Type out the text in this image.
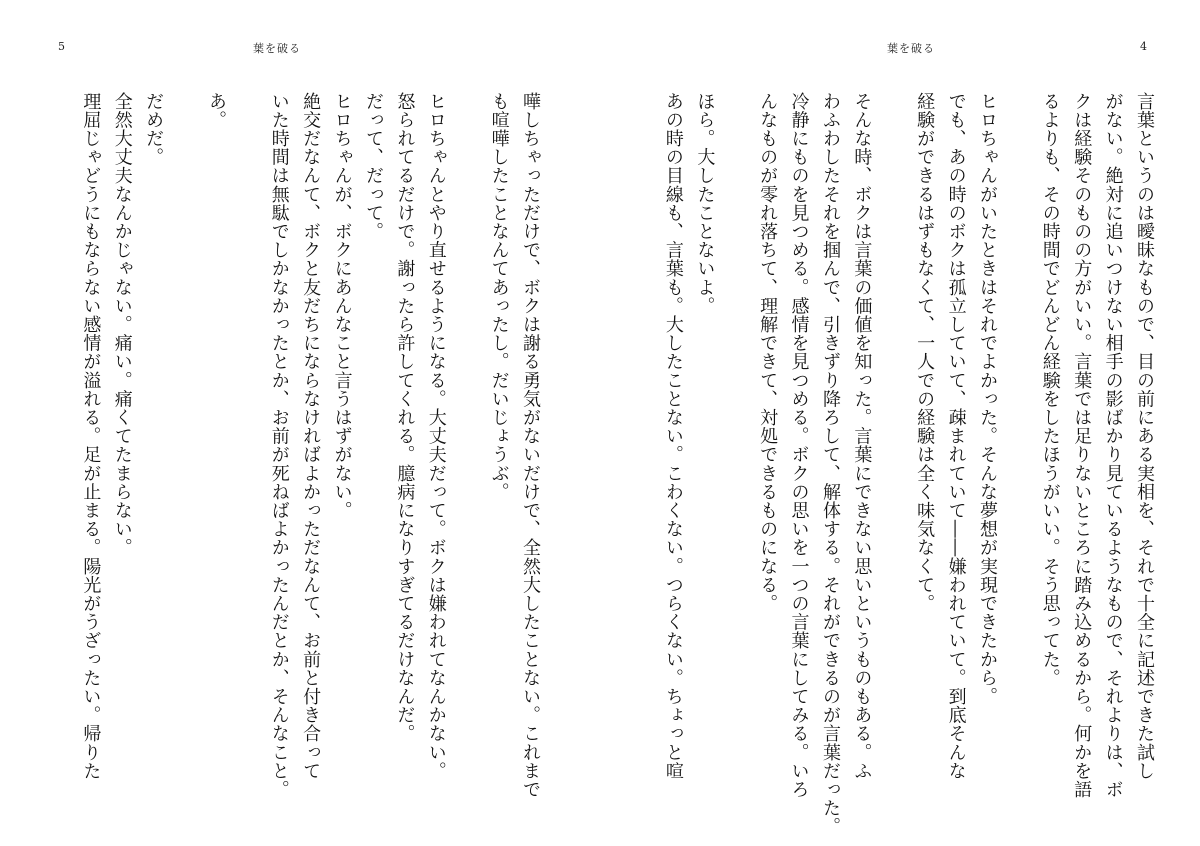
5	葉を破る
嘩しちゃっただけで、ボクは謝る勇気がないだけで、全然大したことない。これまで
も喧嘩したことなんてあったし。だいじょうぶ。
ヒロちゃんとやり直せるようになる。大丈夫だって。ボクは嫌われてなんかない。
怒られてるだけで。謝ったら許してくれる。臆病になりすぎてるだけなんだ。
だって、だって。
ヒロちゃんが、ボクにあんなこと言うはずがない。
絶交だなんて、ボクと友だちにならなければよかっただなんて、お前と付き合って
いた時間は無駄でしかなかったとか、お前が死ねばよかったんだとか、そんなこと。
あ。
だめだ。
全然大丈夫なんかじゃない。痛い。痛くてたまらない。
理屈じゃどうにもならない感情が溢れる。足が止まる。陽光がうざったい。帰りた
4
葉を破る
言葉というのは曖昧なもので、目の前にある実相を、それで十全に記述できた試し
がない。絶対に追いつけない相手の影ばかり見ているようなもので、それよりは、ボ
クは経験そのものの方がいい。言葉では足りないところに踏み込めるから。何かを語
るよりも、その時間でどんどん経験をしたほうがいい。そう思ってた。
ヒロちゃんがいたときはそれでよかった。そんな夢想が実現できたから。
でも、あの時のボクは孤立していて、疎まれていて――嫌われていて。到底そんな
経験ができるはずもなくて、一人での経験は全く味気なくて。
そんな時、ボクは言葉の価値を知った。言葉にできない思いというものもある。ふ
わふわしたそれを掴んで、引きずり降ろして、解体する。それができるのが言葉だった。
冷静にものを見つめる。感情を見つめる。ボクの思いを一つの言葉にしてみる。いろ
んなものが零れ落ちて、理解できて、対処できるものになる。
ほら。大したことないよ。
あの時の目線も、言葉も。大したことない。こわくない。つらくない。ちょっと喧
